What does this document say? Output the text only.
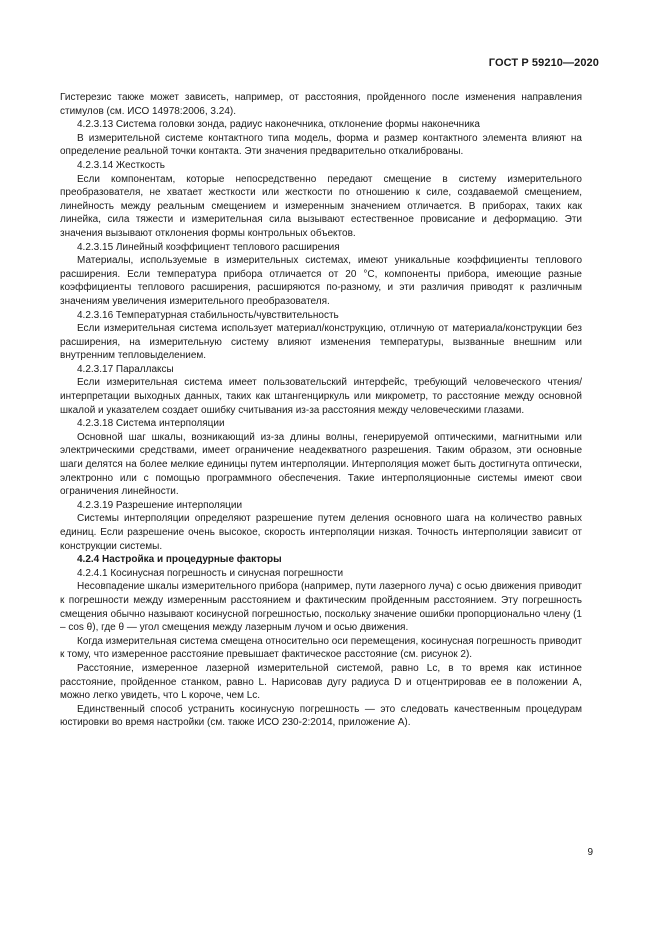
ГОСТ Р 59210—2020

Гистерезис также может зависеть, например, от расстояния, пройденного после изменения направления стимулов (см. ИСО 14978:2006, 3.24).

4.2.3.13 Система головки зонда, радиус наконечника, отклонение формы наконечника

В измерительной системе контактного типа модель, форма и размер контактного элемента влияют на определение реальной точки контакта. Эти значения предварительно откалиброваны.

4.2.3.14 Жесткость

Если компонентам, которые непосредственно передают смещение в систему измерительного преобразователя, не хватает жесткости или жесткости по отношению к силе, создаваемой смещением, линейность между реальным смещением и измеренным значением отличается. В приборах, таких как линейка, сила тяжести и измерительная сила вызывают естественное провисание и деформацию. Эти значения вызывают отклонения формы контрольных объектов.

4.2.3.15 Линейный коэффициент теплового расширения

Материалы, используемые в измерительных системах, имеют уникальные коэффициенты теплового расширения. Если температура прибора отличается от 20 °С, компоненты прибора, имеющие разные коэффициенты теплового расширения, расширяются по-разному, и эти различия приводят к различным значениям увеличения измерительного преобразователя.

4.2.3.16 Температурная стабильность/чувствительность

Если измерительная система использует материал/конструкцию, отличную от материала/конструкции без расширения, на измерительную систему влияют изменения температуры, вызванные внешним или внутренним тепловыделением.

4.2.3.17 Параллаксы

Если измерительная система имеет пользовательский интерфейс, требующий человеческого чтения/интерпретации выходных данных, таких как штангенциркуль или микрометр, то расстояние между основной шкалой и указателем создает ошибку считывания из-за расстояния между человеческими глазами.

4.2.3.18 Система интерполяции

Основной шаг шкалы, возникающий из-за длины волны, генерируемой оптическими, магнитными или электрическими средствами, имеет ограничение неадекватного разрешения. Таким образом, эти основные шаги делятся на более мелкие единицы путем интерполяции. Интерполяция может быть достигнута оптически, электронно или с помощью программного обеспечения. Такие интерполяционные системы имеют свои ограничения линейности.

4.2.3.19 Разрешение интерполяции

Системы интерполяции определяют разрешение путем деления основного шага на количество равных единиц. Если разрешение очень высокое, скорость интерполяции низкая. Точность интерполяции зависит от конструкции системы.

4.2.4 Настройка и процедурные факторы

4.2.4.1 Косинусная погрешность и синусная погрешности

Несовпадение шкалы измерительного прибора (например, пути лазерного луча) с осью движения приводит к погрешности между измеренным расстоянием и фактическим пройденным расстоянием. Эту погрешность смещения обычно называют косинусной погрешностью, поскольку значение ошибки пропорционально члену (1 – cos θ), где θ — угол смещения между лазерным лучом и осью движения.

Когда измерительная система смещена относительно оси перемещения, косинусная погрешность приводит к тому, что измеренное расстояние превышает фактическое расстояние (см. рисунок 2).

Расстояние, измеренное лазерной измерительной системой, равно Lс, в то время как истинное расстояние, пройденное станком, равно L. Нарисовав дугу радиуса D и отцентрировав ее в положении A, можно легко увидеть, что L короче, чем Lс.

Единственный способ устранить косинусную погрешность — это следовать качественным процедурам юстировки во время настройки (см. также ИСО 230-2:2014, приложение A).

9
